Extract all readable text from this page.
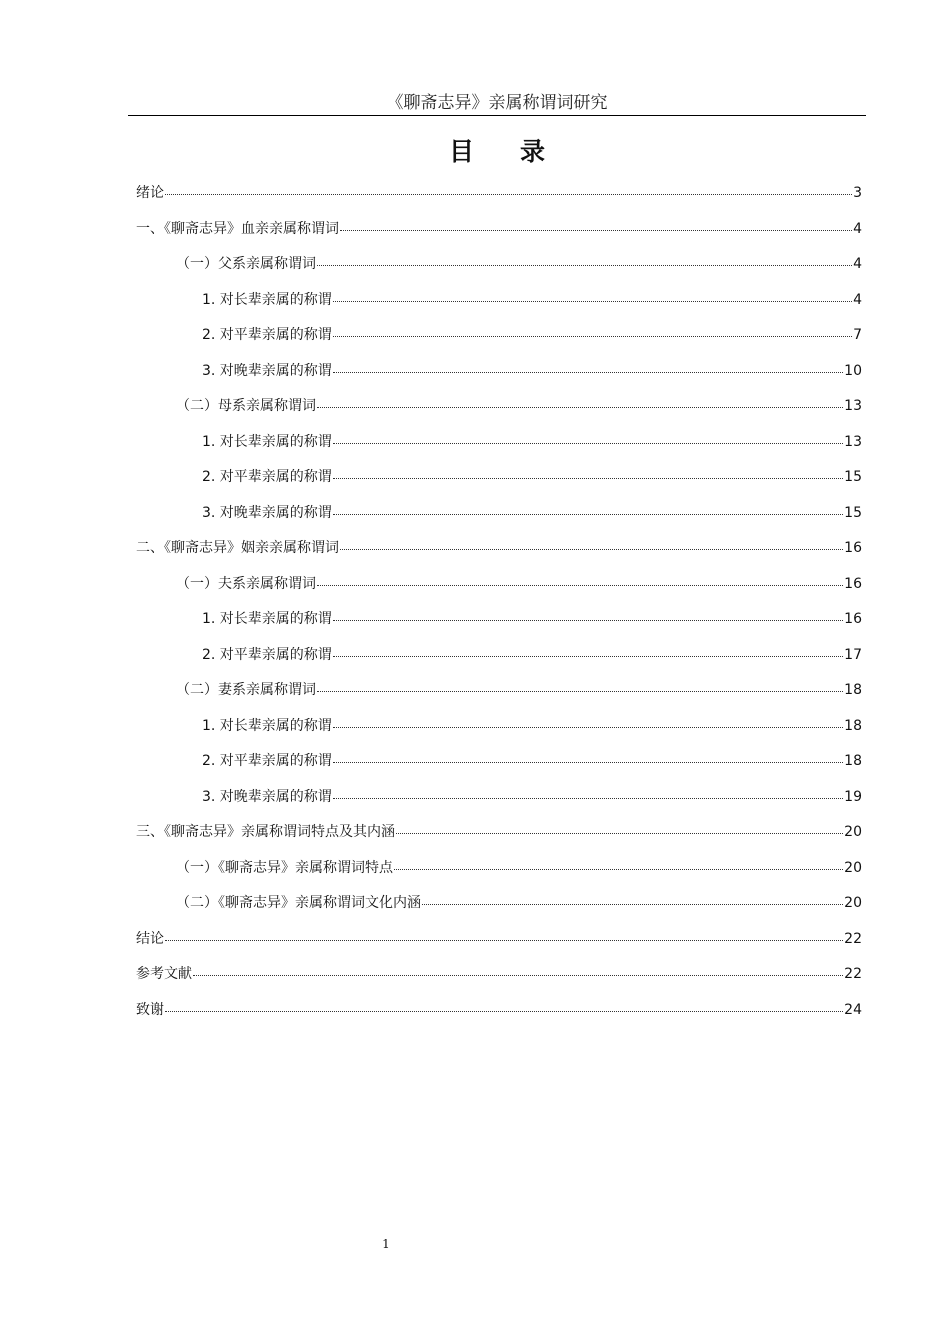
《聊斋志异》亲属称谓词研究
目录
绪论	3
一、《聊斋志异》血亲亲属称谓词	4
（一）父系亲属称谓词	4
1. 对长辈亲属的称谓	4
2. 对平辈亲属的称谓	7
3. 对晚辈亲属的称谓	10
（二）母系亲属称谓词	13
1. 对长辈亲属的称谓	13
2. 对平辈亲属的称谓	15
3. 对晚辈亲属的称谓	15
二、《聊斋志异》姻亲亲属称谓词	16
（一）夫系亲属称谓词	16
1. 对长辈亲属的称谓	16
2. 对平辈亲属的称谓	17
（二）妻系亲属称谓词	18
1. 对长辈亲属的称谓	18
2. 对平辈亲属的称谓	18
3. 对晚辈亲属的称谓	19
三、《聊斋志异》亲属称谓词特点及其内涵	20
（一）《聊斋志异》亲属称谓词特点	20
（二）《聊斋志异》亲属称谓词文化内涵	20
结论	22
参考文献	22
致谢	24
1
